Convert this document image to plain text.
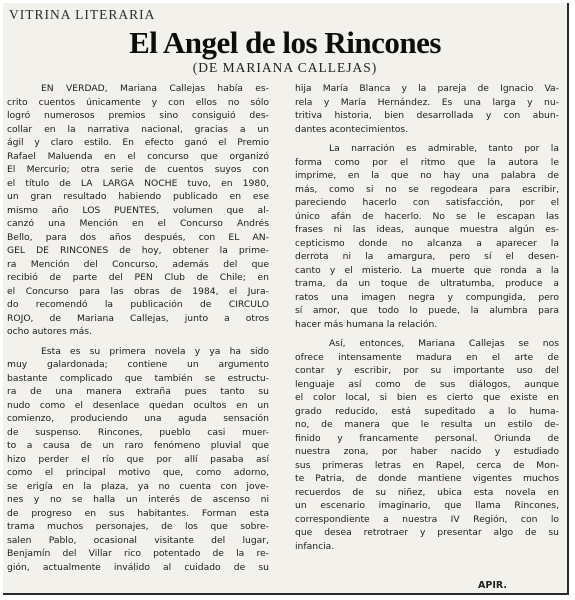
VITRINA LITERARIA
El Angel de los Rincones
(DE MARIANA CALLEJAS)
EN VERDAD, Mariana Callejas había es-
crito cuentos únicamente y con ellos no sólo
logró numerosos premios sino consiguió des-
collar en la narrativa nacional, gracias a un
ágil y claro estilo. En efecto ganó el Premio
Rafael Maluenda en el concurso que organizó
El Mercurio; otra serie de cuentos suyos con
el título de LA LARGA NOCHE tuvo, en 1980,
un gran resultado habiendo publicado en ese
mismo año LOS PUENTES, volumen que al-
canzó una Mención en el Concurso Andrés
Bello, para dos años después, con EL AN-
GEL DE RINCONES de hoy, obtener la prime-
ra Mención del Concurso, además del que
recibió de parte del PEN Club de Chile; en
el Concurso para las obras de 1984, el Jura-
do recomendó la publicación de CIRCULO
ROJO, de Mariana Callejas, junto a otros
ocho autores más.
Esta es su primera novela y ya ha sido
muy galardonada; contiene un argumento
bastante complicado que también se estructu-
ra de una manera extraña pues tanto su
nudo como el desenlace quedan ocultos en un
comienzo, produciendo una aguda sensación
de suspenso. Rincones, pueblo casi muer-
to a causa de un raro fenómeno pluvial que
hizo perder el río que por allí pasaba así
como el principal motivo que, como adorno,
se erigía en la plaza, ya no cuenta con jove-
nes y no se halla un interés de ascenso ni
de progreso en sus habitantes. Forman esta
trama muchos personajes, de los que sobre-
salen Pablo, ocasional visitante del lugar,
Benjamín del Villar rico potentado de la re-
gión, actualmente inválido al cuidado de su
hija María Blanca y la pareja de Ignacio Va-
rela y María Hernández. Es una larga y nu-
tritiva historia, bien desarrollada y con abun-
dantes acontecimientos.
La narración es admirable, tanto por la
forma como por el ritmo que la autora le
imprime, en la que no hay una palabra de
más, como si no se regodeara para escribir,
pareciendo hacerlo con satisfacción, por el
único afán de hacerlo. No se le escapan las
frases ni las ideas, aunque muestra algún es-
cepticismo donde no alcanza a aparecer la
derrota ni la amargura, pero sí el desen-
canto y el misterio. La muerte que ronda a la
trama, da un toque de ultratumba, produce a
ratos una imagen negra y compungida, pero
sí amor, que todo lo puede, la alumbra para
hacer más humana la relación.
Así, entonces, Mariana Callejas se nos
ofrece intensamente madura en el arte de
contar y escribir, por su importante uso del
lenguaje así como de sus diálogos, aunque
el color local, si bien es cierto que existe en
grado reducido, está supeditado a lo huma-
no, de manera que le resulta un estilo de-
finido y francamente personal. Oriunda de
nuestra zona, por haber nacido y estudiado
sus primeras letras en Rapel, cerca de Mon-
te Patria, de donde mantiene vigentes muchos
recuerdos de su niñez, ubica esta novela en
un escenario imaginario, que llama Rincones,
correspondiente a nuestra IV Región, con lo
que desea retrotraer y presentar algo de su
infancia.
APIR.
